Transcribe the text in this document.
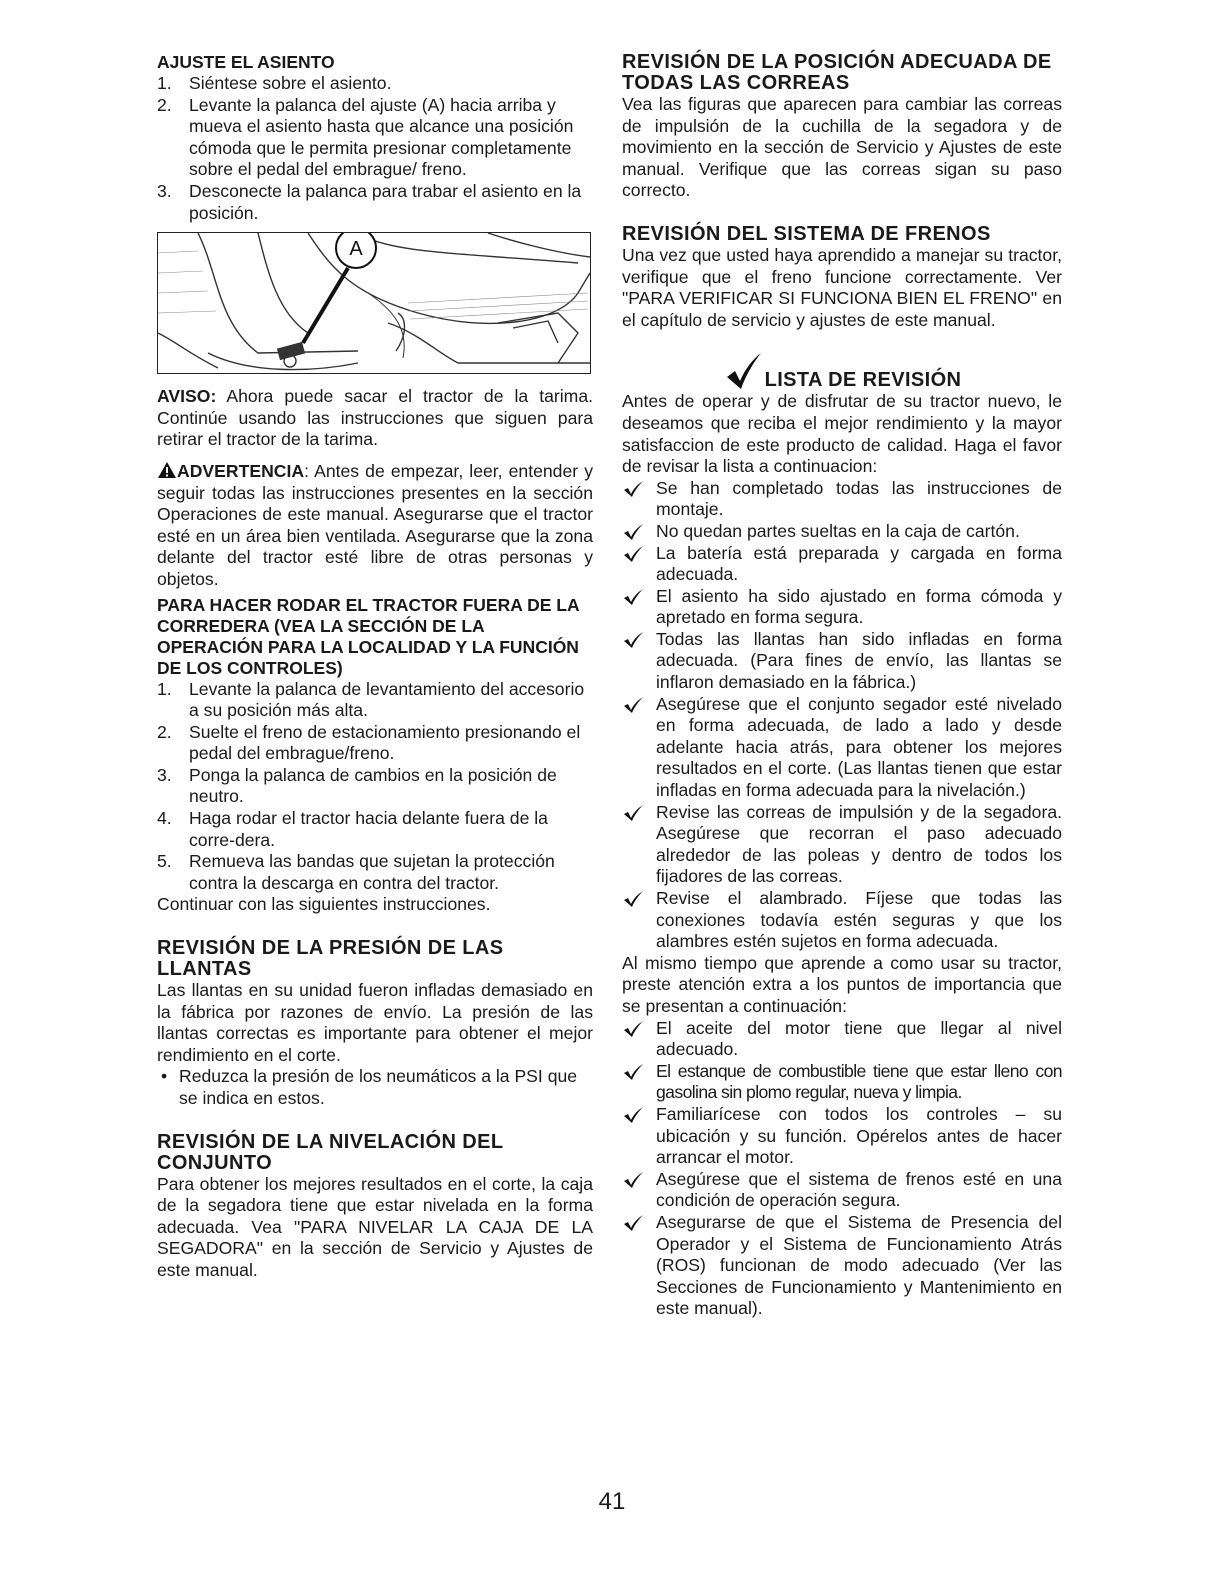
AJUSTE EL ASIENTO
1. Siéntese sobre el asiento.
2. Levante la palanca del ajuste (A) hacia arriba y mueva el asiento hasta que alcance una posición cómoda que le permita presionar completamente sobre el pedal del embrague/ freno.
3. Desconecte la palanca para trabar el asiento en la posición.
A

AVISO: Ahora puede sacar el tractor de la tarima. Continúe usando las instrucciones que siguen para retirar el tractor de la tarima.

ADVERTENCIA: Antes de empezar, leer, entender y seguir todas las instrucciones presentes en la sección Operaciones de este manual. Asegurarse que el tractor esté en un área bien ventilada. Asegurarse que la zona delante del tractor esté libre de otras personas y objetos.

PARA HACER RODAR EL TRACTOR FUERA DE LA CORREDERA (VEA LA SECCIÓN DE LA OPERACIÓN PARA LA LOCALIDAD Y LA FUNCIÓN DE LOS CONTROLES)
1. Levante la palanca de levantamiento del accesorio a su posición más alta.
2. Suelte el freno de estacionamiento presionando el pedal del embrague/freno.
3. Ponga la palanca de cambios en la posición de neutro.
4. Haga rodar el tractor hacia delante fuera de la corre-dera.
5. Remueva las bandas que sujetan la protección contra la descarga en contra del tractor.

Continuar con las siguientes instrucciones.

REVISIÓN DE LA PRESIÓN DE LAS LLANTAS

Las llantas en su unidad fueron infladas demasiado en la fábrica por razones de envío. La presión de las llantas correctas es importante para obtener el mejor rendimiento en el corte.

• Reduzca la presión de los neumáticos a la PSI que se indica en estos.
REVISIÓN DE LA NIVELACIÓN DEL CONJUNTO

Para obtener los mejores resultados en el corte, la caja de la segadora tiene que estar nivelada en la forma adecuada. Vea "PARA NIVELAR LA CAJA DE LA SEGADORA" en la sección de Servicio y Ajustes de este manual.

REVISIÓN DE LA POSICIÓN ADECUADA DE TODAS LAS CORREAS

Vea las figuras que aparecen para cambiar las correas de impulsión de la cuchilla de la segadora y de movimiento en la sección de Servicio y Ajustes de este manual. Verifique que las correas sigan su paso correcto.

REVISIÓN DEL SISTEMA DE FRENOS

Una vez que usted haya aprendido a manejar su tractor, verifique que el freno funcione correctamente. Ver "PARA VERIFICAR SI FUNCIONA BIEN EL FRENO" en el capítulo de servicio y ajustes de este manual.

LISTA DE REVISIÓN

Antes de operar y de disfrutar de su tractor nuevo, le deseamos que reciba el mejor rendimiento y la mayor satisfaccion de este producto de calidad. Haga el favor de revisar la lista a continuacion:

Se han completado todas las instrucciones de montaje.
No quedan partes sueltas en la caja de cartón.
La batería está preparada y cargada en forma adecuada.
El asiento ha sido ajustado en forma cómoda y apretado en forma segura.
Todas las llantas han sido infladas en forma adecuada. (Para fines de envío, las llantas se inflaron demasiado en la fábrica.)
Asegúrese que el conjunto segador esté nivelado en forma adecuada, de lado a lado y desde adelante hacia atrás, para obtener los mejores resultados en el corte. (Las llantas tienen que estar infladas en forma adecuada para la nivelación.)
Revise las correas de impulsión y de la segadora. Asegúrese que recorran el paso adecuado alrededor de las poleas y dentro de todos los fijadores de las correas.
Revise el alambrado. Fíjese que todas las conexiones todavía estén seguras y que los alambres estén sujetos en forma adecuada.

Al mismo tiempo que aprende a como usar su tractor, preste atención extra a los puntos de importancia que se presentan a continuación:

El aceite del motor tiene que llegar al nivel adecuado.
El estanque de combustible tiene que estar lleno con gasolina sin plomo regular, nueva y limpia.
Familiarícese con todos los controles – su ubicación y su función. Opérelos antes de hacer arrancar el motor.
Asegúrese que el sistema de frenos esté en una condición de operación segura.
Asegurarse de que el Sistema de Presencia del Operador y el Sistema de Funcionamiento Atrás (ROS) funcionan de modo adecuado (Ver las Secciones de Funcionamiento y Mantenimiento en este manual).
41
